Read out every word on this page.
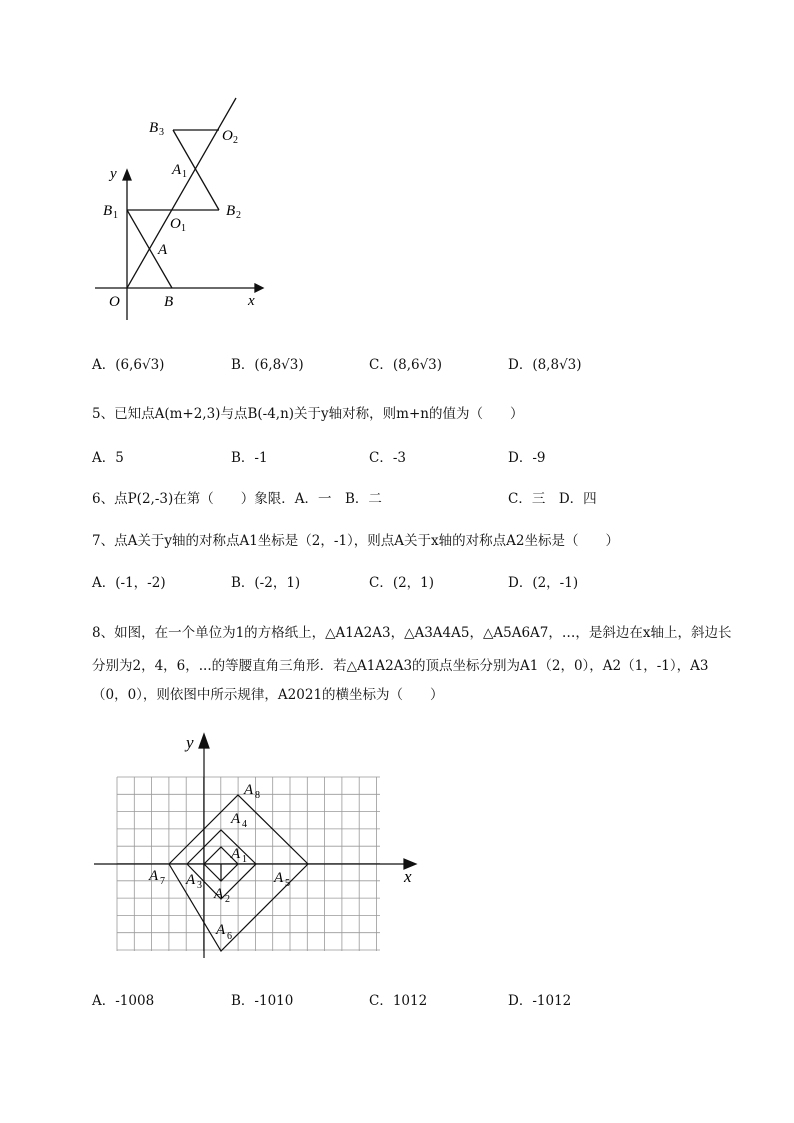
y
x
O	B
A
B 1
O 1
B 2
A 1
B 3	O 2
A．(6,6√3)	B．(6,8√3)	C．(8,6√3)	D．(8,8√3)
5、已知点A(m+2,3)与点B(-4,n)关于y轴对称，则m+n的值为（　　）
A．5	B．-1	C．-3	D．-9
6、点P(2,-3)在第（　　）象限．A．一　B．二	C．三　D．四
7、点A关于y轴的对称点A1坐标是（2，-1），则点A关于x轴的对称点A2坐标是（　　）
A．(-1，-2)	B．(-2，1)	C．(2，1)	D．(2，-1)
8、如图，在一个单位为1的方格纸上，△A1A2A3，△A3A4A5，△A5A6A7，…，是斜边在x轴上，斜边长
分别为2，4，6，...的等腰直角三角形．若△A1A2A3的顶点坐标分别为A1（2，0），A2（1，-1），A3
（0，0），则依图中所示规律，A2021的横坐标为（　　）
y
x
A 8
A 4
A 1
A 7 A 3	A 5
A 2
A 6
A．-1008	B．-1010	C．1012	D．-1012
